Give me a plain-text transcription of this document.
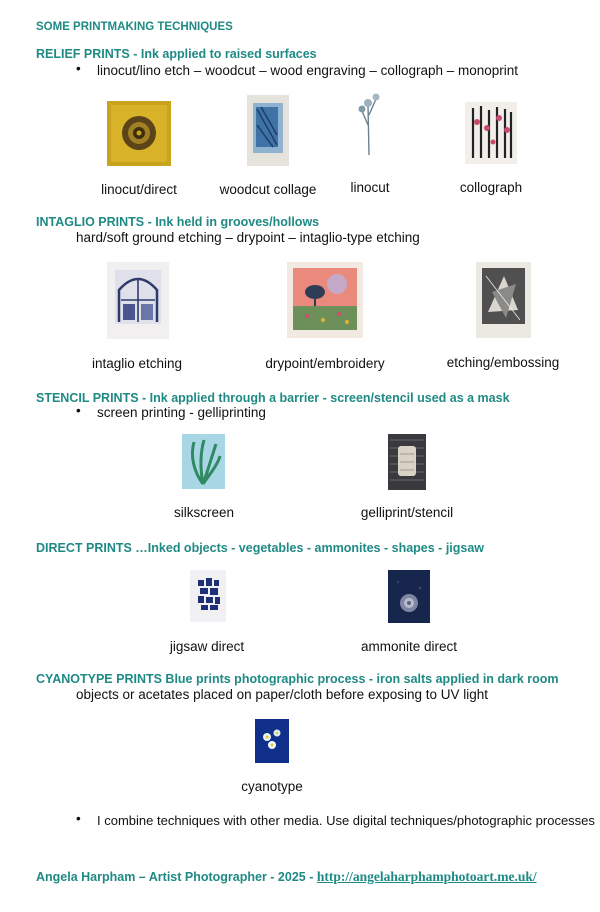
SOME PRINTMAKING TECHNIQUES
RELIEF PRINTS - Ink applied to raised surfaces
• linocut/lino etch – woodcut – wood engraving – collograph – monoprint
linocut/direct	woodcut collage	linocut	collograph
INTAGLIO PRINTS - Ink held in grooves/hollows
hard/soft ground etching – drypoint – intaglio-type etching
intaglio etching	drypoint/embroidery	etching/embossing
STENCIL PRINTS - Ink applied through a barrier - screen/stencil used as a mask
• screen printing - gelliprinting
silkscreen	gelliprint/stencil
DIRECT PRINTS …Inked objects - vegetables - ammonites - shapes - jigsaw
jigsaw direct	ammonite direct
CYANOTYPE PRINTS Blue prints photographic process - iron salts applied in dark room
objects or acetates placed on paper/cloth before exposing to UV light
cyanotype
• I combine techniques with other media. Use digital techniques/photographic processes
Angela Harpham – Artist Photographer - 2025 - http://angelaharphamphotoart.me.uk/
